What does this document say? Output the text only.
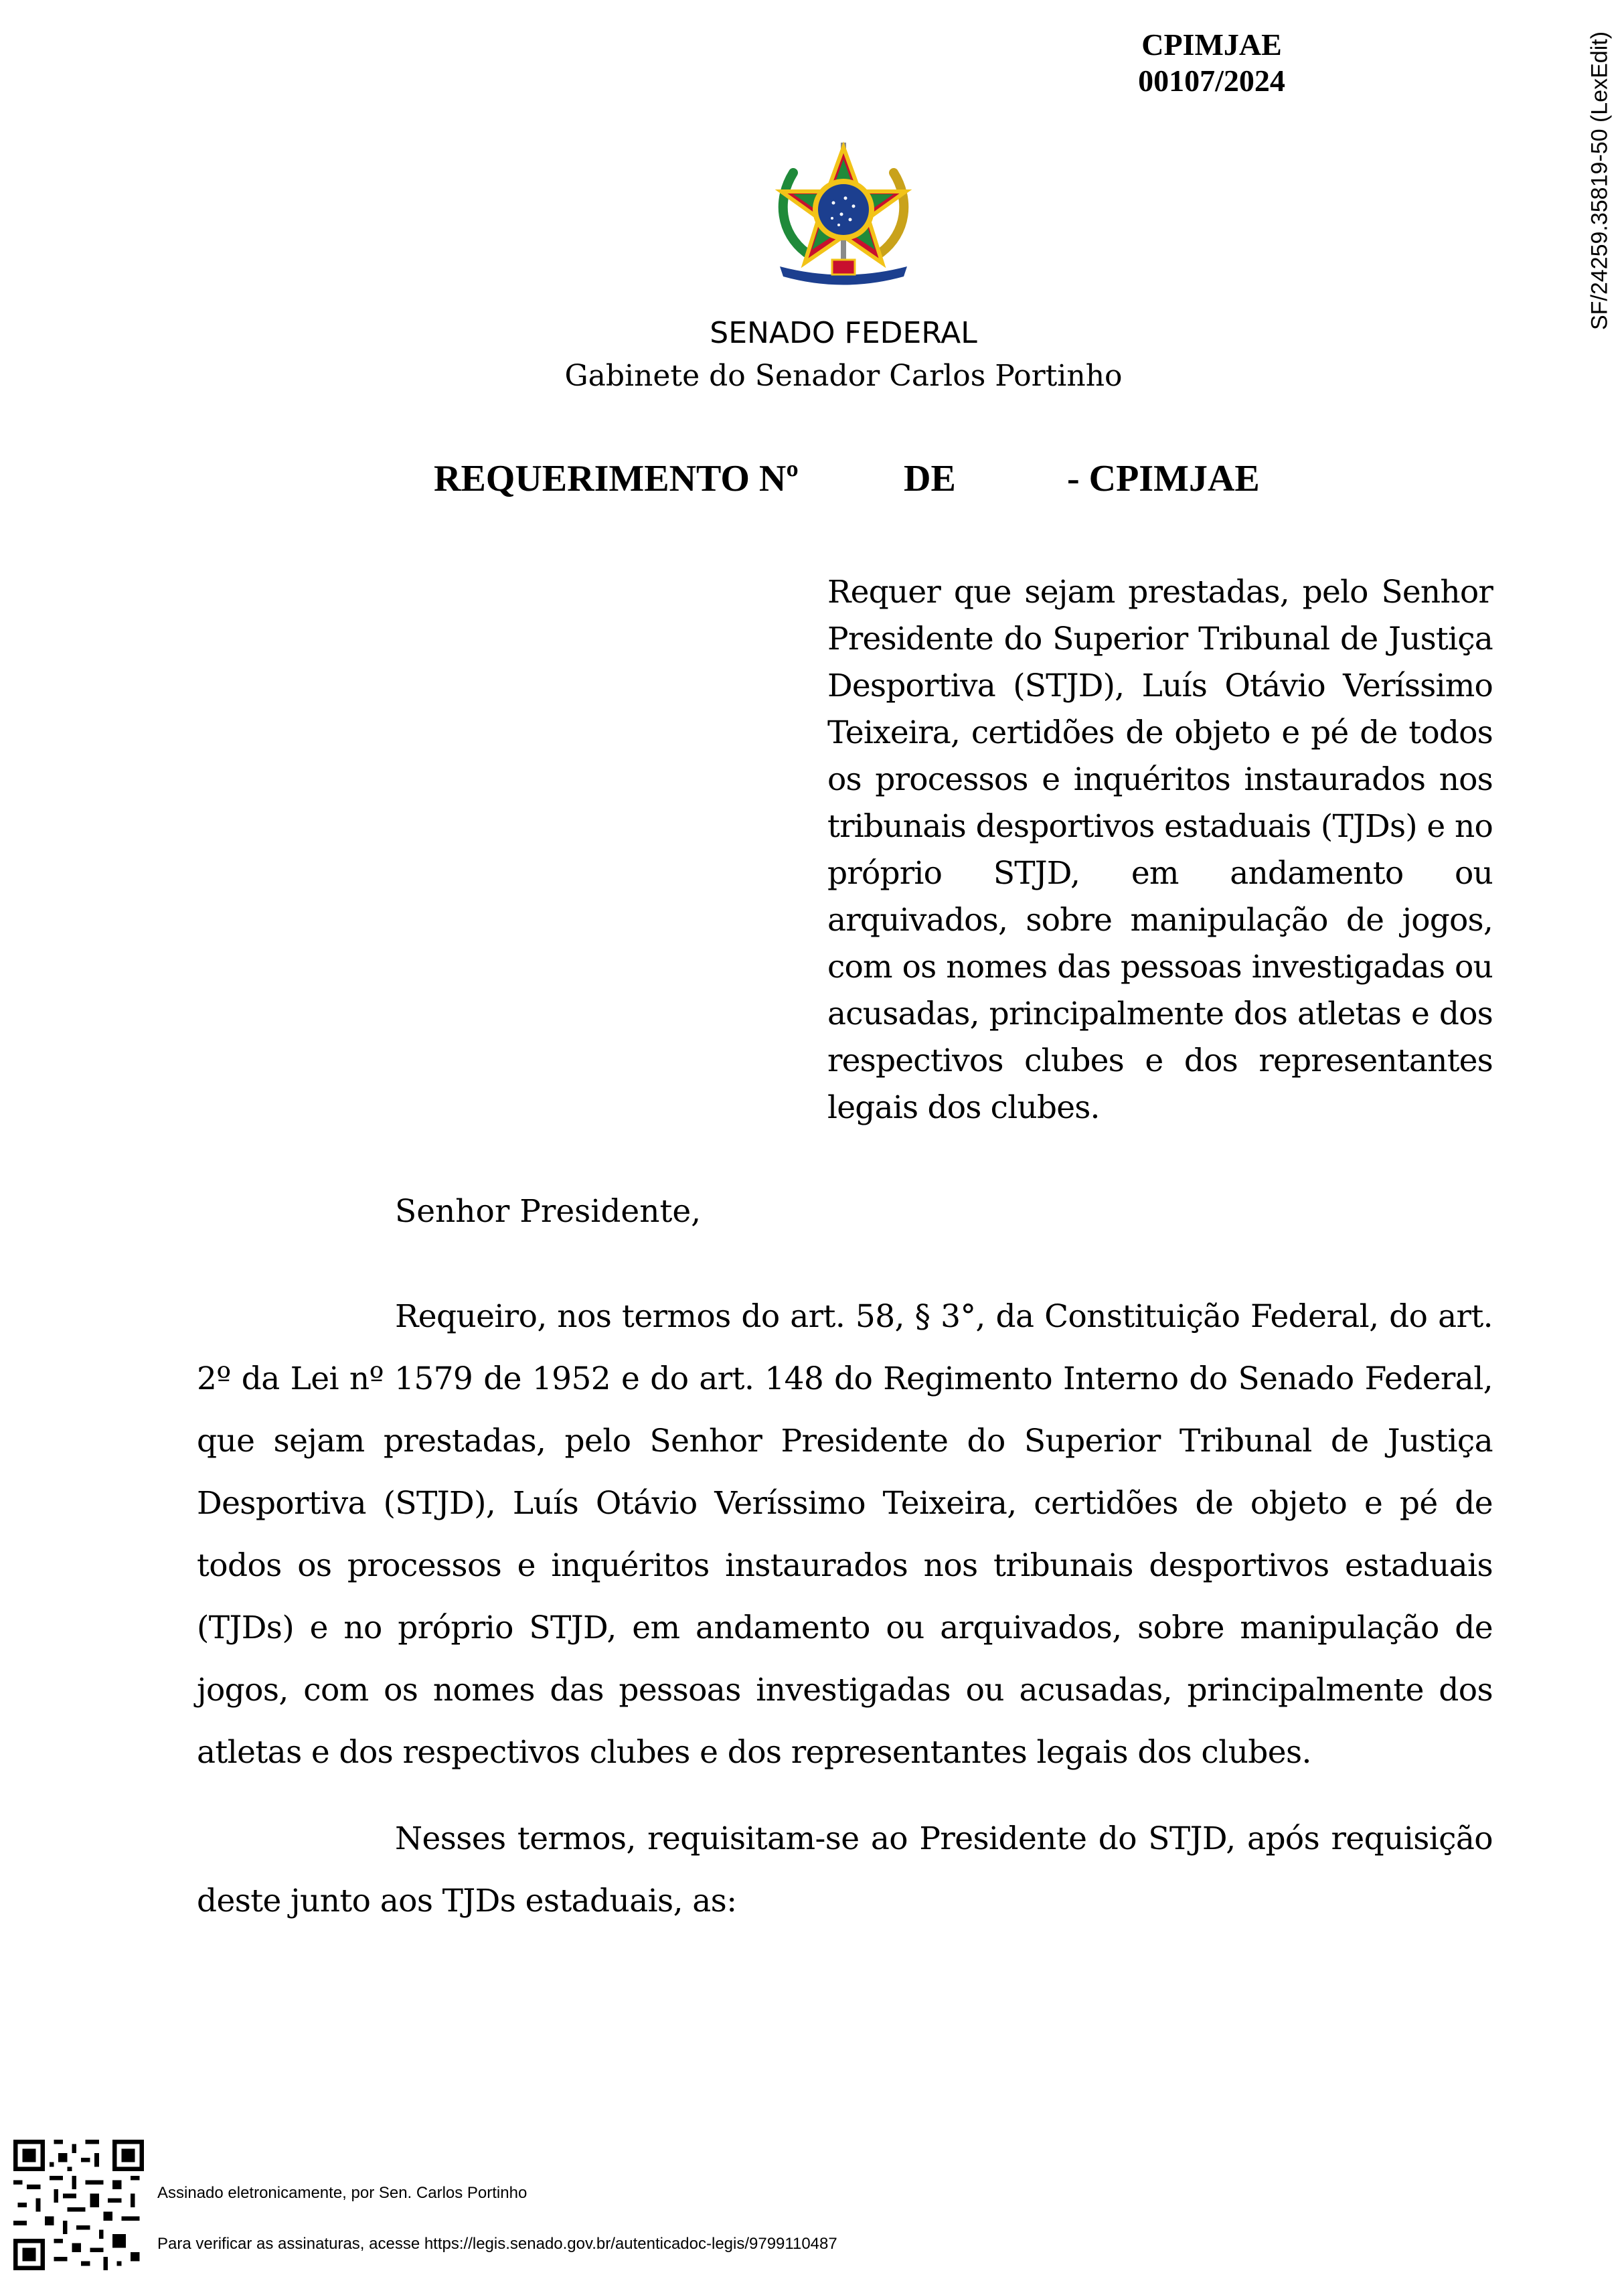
CPIMJAE
00107/2024	SF/24259.35819-50 (LexEdit)
SENADO FEDERAL
Gabinete do Senador Carlos Portinho
REQUERIMENTO Nº	DE	- CPIMJAE
Requer que sejam prestadas, pelo Senhor Presidente do Superior Tribunal de Justiça Desportiva (STJD), Luís Otávio Veríssimo Teixeira, certidões de objeto e pé de todos os processos e inquéritos instaurados nos tribunais desportivos estaduais (TJDs) e no próprio STJD, em andamento ou arquivados, sobre manipulação de jogos, com os nomes das pessoas investigadas ou acusadas, principalmente dos atletas e dos respectivos clubes e dos representantes legais dos clubes.
Senhor Presidente,
Requeiro, nos termos do art. 58, § 3°, da Constituição Federal, do art. 2º da Lei nº 1579 de 1952 e do art. 148 do Regimento Interno do Senado Federal, que sejam prestadas, pelo Senhor Presidente do Superior Tribunal de Justiça Desportiva (STJD), Luís Otávio Veríssimo Teixeira, certidões de objeto e pé de todos os processos e inquéritos instaurados nos tribunais desportivos estaduais (TJDs) e no próprio STJD, em andamento ou arquivados, sobre manipulação de jogos, com os nomes das pessoas investigadas ou acusadas, principalmente dos atletas e dos respectivos clubes e dos representantes legais dos clubes.
Nesses termos, requisitam-se ao Presidente do STJD, após requisição deste junto aos TJDs estaduais, as:
Assinado eletronicamente, por Sen. Carlos Portinho
Para verificar as assinaturas, acesse https://legis.senado.gov.br/autenticadoc-legis/9799110487
